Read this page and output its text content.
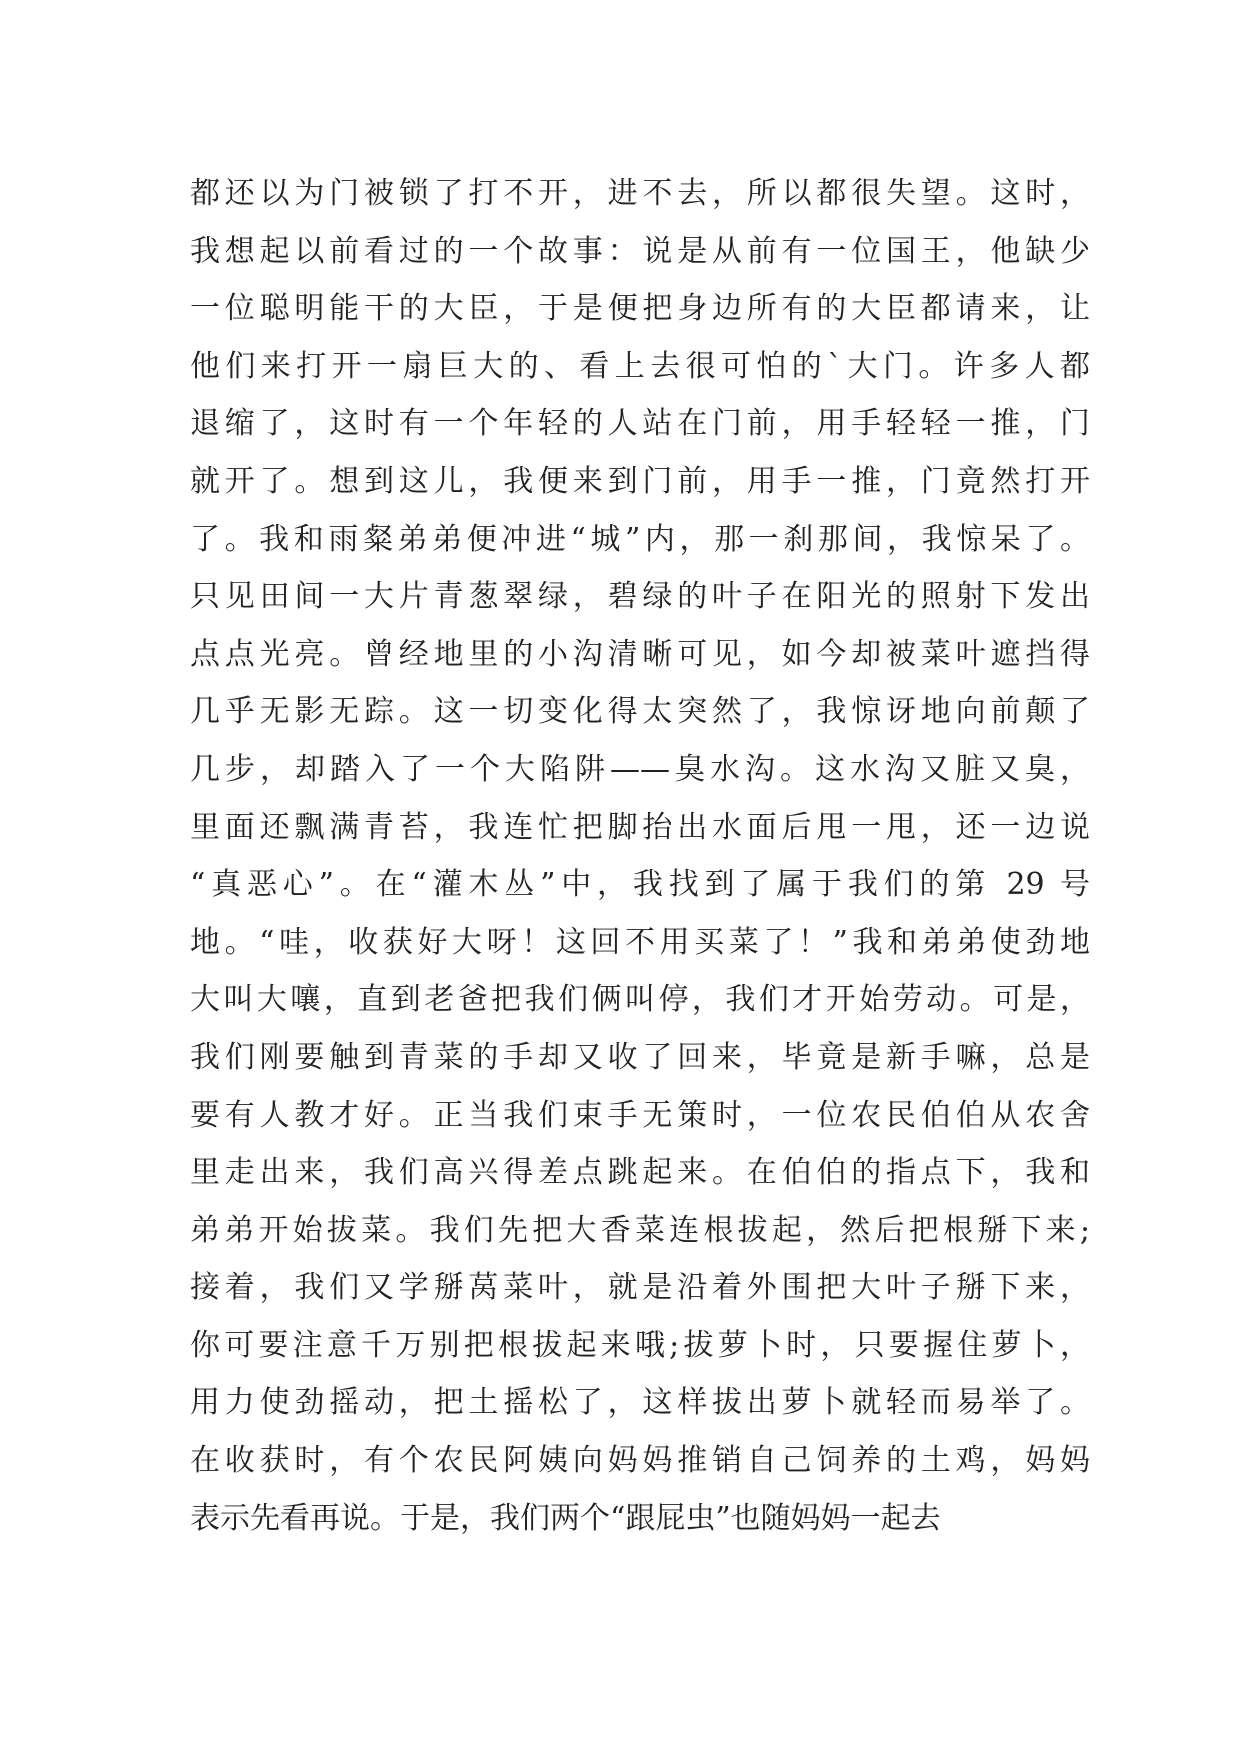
都还以为门被锁了打不开，进不去，所以都很失望。这时，
我想起以前看过的一个故事：说是从前有一位国王，他缺少
一位聪明能干的大臣，于是便把身边所有的大臣都请来，让
他们来打开一扇巨大的、看上去很可怕的`大门。许多人都
退缩了，这时有一个年轻的人站在门前，用手轻轻一推，门
就开了。想到这儿，我便来到门前，用手一推，门竟然打开
了。我和雨粲弟弟便冲进“城”内，那一刹那间，我惊呆了。
只见田间一大片青葱翠绿，碧绿的叶子在阳光的照射下发出
点点光亮。曾经地里的小沟清晰可见，如今却被菜叶遮挡得
几乎无影无踪。这一切变化得太突然了，我惊讶地向前颠了
几步，却踏入了一个大陷阱——臭水沟。这水沟又脏又臭，
里面还飘满青苔，我连忙把脚抬出水面后甩一甩，还一边说
“真恶心”。在“灌木丛”中，我找到了属于我们的第 29 号
地。“哇，收获好大呀！这回不用买菜了！”我和弟弟使劲地
大叫大嚷，直到老爸把我们俩叫停，我们才开始劳动。可是，
我们刚要触到青菜的手却又收了回来，毕竟是新手嘛，总是
要有人教才好。正当我们束手无策时，一位农民伯伯从农舍
里走出来，我们高兴得差点跳起来。在伯伯的指点下，我和
弟弟开始拔菜。我们先把大香菜连根拔起，然后把根掰下来;
接着，我们又学掰莴菜叶，就是沿着外围把大叶子掰下来，
你可要注意千万别把根拔起来哦;拔萝卜时，只要握住萝卜，
用力使劲摇动，把土摇松了，这样拔出萝卜就轻而易举了。
在收获时，有个农民阿姨向妈妈推销自己饲养的土鸡，妈妈
表示先看再说。于是，我们两个“跟屁虫”也随妈妈一起去
